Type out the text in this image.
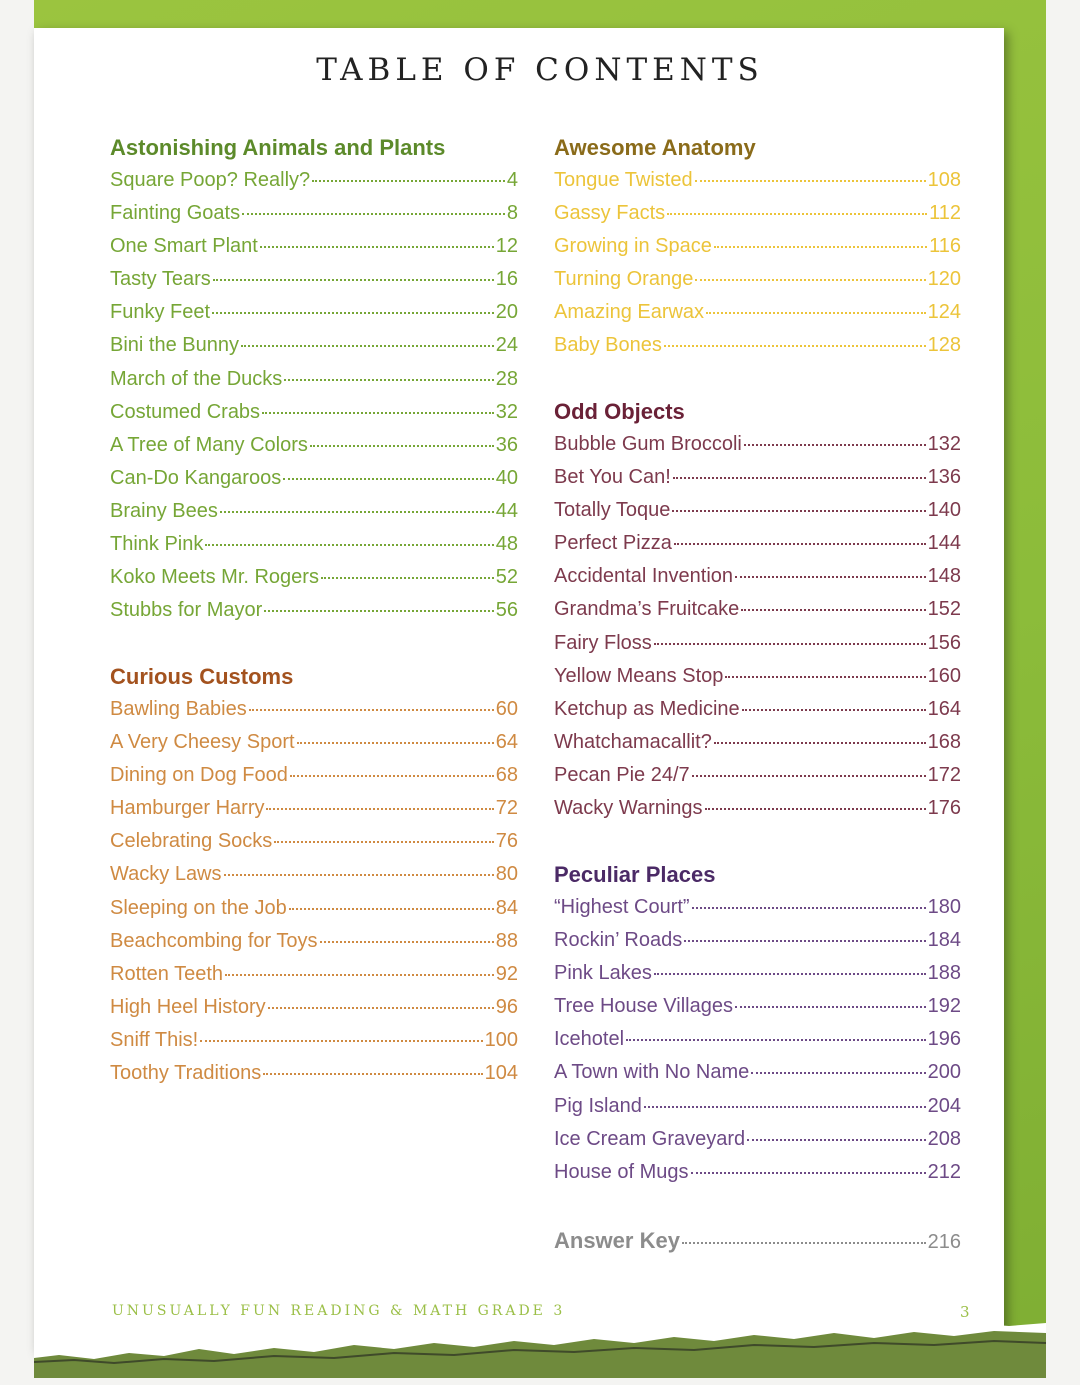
TABLE OF CONTENTS
Astonishing Animals and Plants
Square Poop? Really?	4
Fainting Goats	8
One Smart Plant	12
Tasty Tears	16
Funky Feet	20
Bini the Bunny	24
March of the Ducks	28
Costumed Crabs	32
A Tree of Many Colors	36
Can-Do Kangaroos	40
Brainy Bees	44
Think Pink	48
Koko Meets Mr. Rogers	52
Stubbs for Mayor	56
Curious Customs
Bawling Babies	60
A Very Cheesy Sport	64
Dining on Dog Food	68
Hamburger Harry	72
Celebrating Socks	76
Wacky Laws	80
Sleeping on the Job	84
Beachcombing for Toys	88
Rotten Teeth	92
High Heel History	96
Sniff This!	100
Toothy Traditions	104
Awesome Anatomy
Tongue Twisted	108
Gassy Facts	112
Growing in Space	116
Turning Orange	120
Amazing Earwax	124
Baby Bones	128
Odd Objects
Bubble Gum Broccoli	132
Bet You Can!	136
Totally Toque	140
Perfect Pizza	144
Accidental Invention	148
Grandma’s Fruitcake	152
Fairy Floss	156
Yellow Means Stop	160
Ketchup as Medicine	164
Whatchamacallit?	168
Pecan Pie 24/7	172
Wacky Warnings	176
Peculiar Places
“Highest Court”	180
Rockin’ Roads	184
Pink Lakes	188
Tree House Villages	192
Icehotel	196
A Town with No Name	200
Pig Island	204
Ice Cream Graveyard	208
House of Mugs	212
Answer Key	216
UNUSUALLY FUN READING & MATH GRADE 3	3
